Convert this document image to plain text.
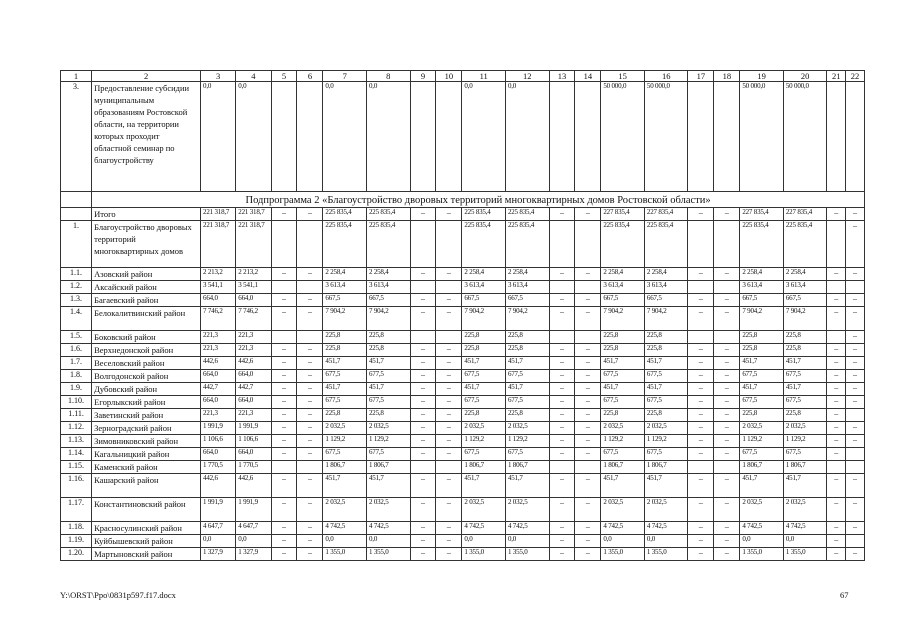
1	2	3	4	5	6	7	8	9	10	11	12	13	14	15	16	17	18	19	20	21	22
3.	Предоставление субсидии муниципальным образованиям Ростовской области, на территории которых проходит областной семинар по благоустройству	0,0	0,0			0,0	0,0			0,0	0,0			50 000,0	50 000,0			50 000,0	50 000,0		
	Подпрограмма 2 «Благоустройство дворовых территорий многоквартирных домов Ростовской области»																				
	Итого	221 318,7	221 318,7	–	–	225 835,4	225 835,4	–	–	225 835,4	225 835,4	–	–	227 835,4	227 835,4	–	–	227 835,4	227 835,4	–	–
1.	Благоустройство дворовых территорий многоквартирных домов	221 318,7	221 318,7			225 835,4	225 835,4			225 835,4	225 835,4			225 835,4	225 835,4			225 835,4	225 835,4		–
1.1.	Азовский район	2 213,2	2 213,2	–	–	2 258,4	2 258,4	–	–	2 258,4	2 258,4	–	–	2 258,4	2 258,4	–	–	2 258,4	2 258,4	–	–
1.2.	Аксайский район	3 541,1	3 541,1			3 613,4	3 613,4			3 613,4	3 613,4			3 613,4	3 613,4			3 613,4	3 613,4		
1.3.	Багаевский район	664,0	664,0	–	–	667,5	667,5	–	–	667,5	667,5	–	–	667,5	667,5	–	–	667,5	667,5	–	–
1.4.	Белокалитвинский район	7 746,2	7 746,2	–	–	7 904,2	7 904,2	–	–	7 904,2	7 904,2	–	–	7 904,2	7 904,2	–	–	7 904,2	7 904,2	–	–
1.5.	Боковский район	221,3	221,3			225,8	225,8			225,8	225,8			225,8	225,8			225,8	225,8		–
1.6.	Верхнедонской район	221,3	221,3	–	–	225,8	225,8	–	–	225,8	225,8	–	–	225,8	225,8	–	–	225,8	225,8	–	–
1.7.	Веселовский район	442,6	442,6	–	–	451,7	451,7	–	–	451,7	451,7	–	–	451,7	451,7	–	–	451,7	451,7	–	–
1.8.	Волгодонской район	664,0	664,0	–	–	677,5	677,5	–	–	677,5	677,5	–	–	677,5	677,5	–	–	677,5	677,5	–	–
1.9.	Дубовский район	442,7	442,7	–	–	451,7	451,7	–	–	451,7	451,7	–	–	451,7	451,7	–	–	451,7	451,7	–	–
1.10.	Егорлыкский район	664,0	664,0	–	–	677,5	677,5	–	–	677,5	677,5	–	–	677,5	677,5	–	–	677,5	677,5	–	–
1.11.	Заветинский район	221,3	221,3	–	–	225,8	225,8	–	–	225,8	225,8	–	–	225,8	225,8	–	–	225,8	225,8	–	
1.12.	Зерноградский район	1 991,9	1 991,9	–	–	2 032,5	2 032,5	–	–	2 032,5	2 032,5	–	–	2 032,5	2 032,5	–	–	2 032,5	2 032,5	–	–
1.13.	Зимовниковский район	1 106,6	1 106,6	–	–	1 129,2	1 129,2	–	–	1 129,2	1 129,2	–	–	1 129,2	1 129,2	–	–	1 129,2	1 129,2	–	–
1.14.	Кагальницкий район	664,0	664,0	–	–	677,5	677,5	–	–	677,5	677,5	–	–	677,5	677,5	–	–	677,5	677,5	–	
1.15.	Каменский район	1 770,5	1 770,5			1 806,7	1 806,7			1 806,7	1 806,7			1 806,7	1 806,7			1 806,7	1 806,7		
1.16.	Кашарский район	442,6	442,6	–	–	451,7	451,7	–	–	451,7	451,7	–	–	451,7	451,7	–	–	451,7	451,7	–	–
1.17.	Константиновский район	1 991,9	1 991,9	–	–	2 032,5	2 032,5	–	–	2 032,5	2 032,5	–	–	2 032,5	2 032,5	–	–	2 032,5	2 032,5	–	–
1.18.	Красносулинский район	4 647,7	4 647,7	–	–	4 742,5	4 742,5	–	–	4 742,5	4 742,5	–	–	4 742,5	4 742,5	–	–	4 742,5	4 742,5	–	–
1.19.	Куйбышевский район	0,0	0,0	–	–	0,0	0,0	–	–	0,0	0,0	–	–	0,0	0,0	–	–	0,0	0,0	–	
1.20.	Мартыновский район	1 327,9	1 327,9	–	–	1 355,0	1 355,0	–	–	1 355,0	1 355,0	–	–	1 355,0	1 355,0	–	–	1 355,0	1 355,0	–	–
Y:\ORST\Ppo\0831p597.f17.docx	67
